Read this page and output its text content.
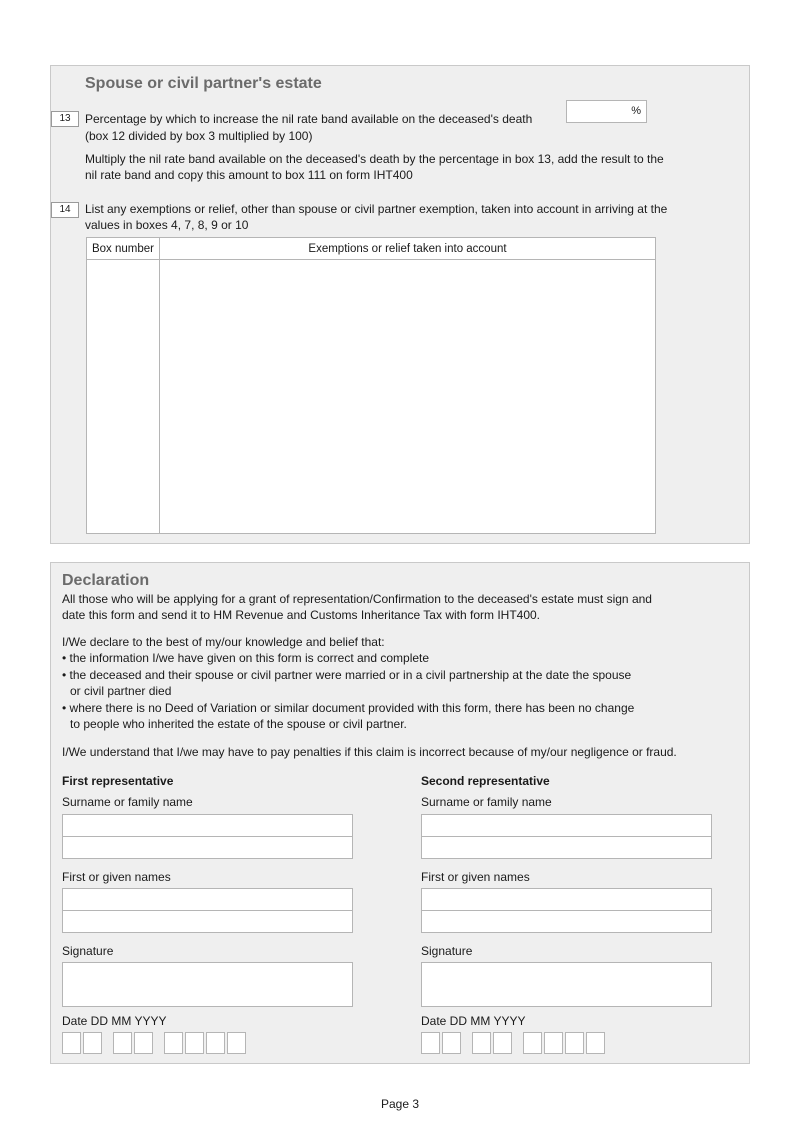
Spouse or civil partner's estate
13	Percentage by which to increase the nil rate band available on the deceased's death
(box 12 divided by box 3 multiplied by 100)
%
Multiply the nil rate band available on the deceased's death by the percentage in box 13, add the result to the
nil rate band and copy this amount to box 111 on form IHT400
14	List any exemptions or relief, other than spouse or civil partner exemption, taken into account in arriving at the
values in boxes 4, 7, 8, 9 or 10
Box number	Exemptions or relief taken into account

Declaration
All those who will be applying for a grant of representation/Confirmation to the deceased's estate must sign and
date this form and send it to HM Revenue and Customs Inheritance Tax with form IHT400.
I/We declare to the best of my/our knowledge and belief that:
• the information I/we have given on this form is correct and complete
• the deceased and their spouse or civil partner were married or in a civil partnership at the date the spouse
or civil partner died
• where there is no Deed of Variation or similar document provided with this form, there has been no change
to people who inherited the estate of the spouse or civil partner.
I/We understand that I/we may have to pay penalties if this claim is incorrect because of my/our negligence or fraud.
First representative
Surname or family name
First or given names
Signature
Date DD MM YYYY
Second representative
Surname or family name
First or given names
Signature
Date DD MM YYYY
Page 3
